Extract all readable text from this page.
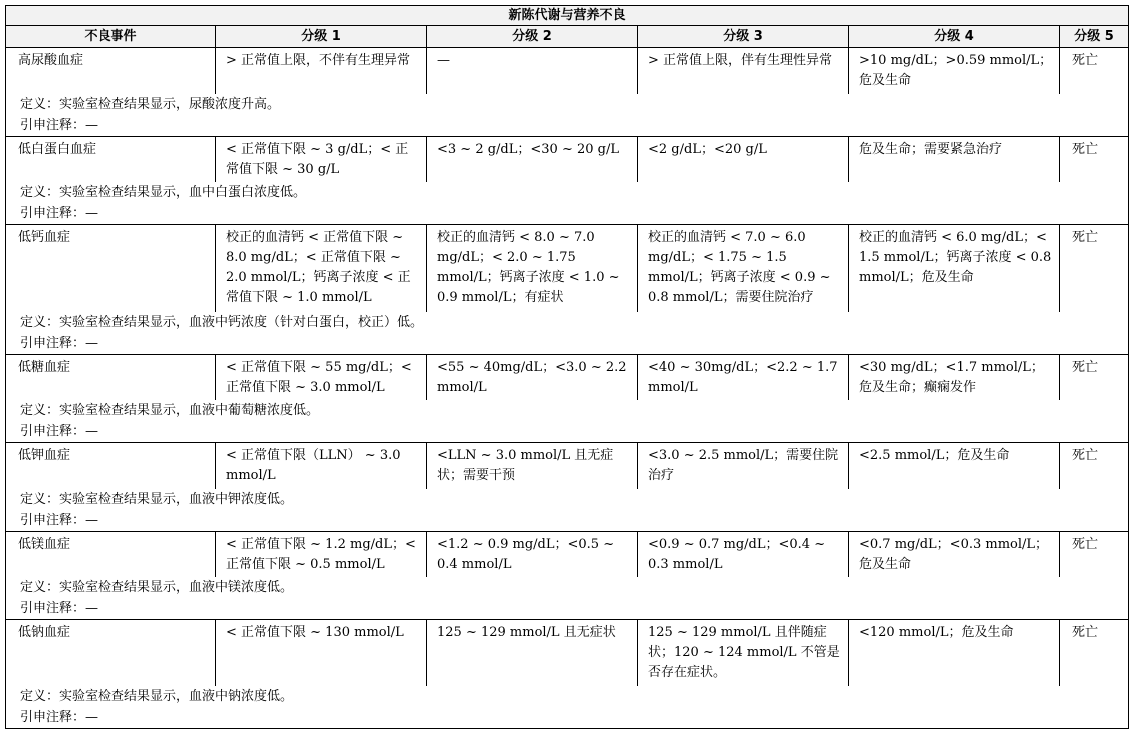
新陈代谢与营养不良					
不良事件	分级 1	分级 2	分级 3	分级 4	分级 5
高尿酸血症	> 正常值上限，不伴有生理异常	—	> 正常值上限，伴有生理性异常	>10 mg/dL；>0.59 mmol/L；危及生命	死亡
定义：实验室检查结果显示，尿酸浓度升高。					
引申注释：—					
低白蛋白血症	< 正常值下限 ~ 3 g/dL；< 正常值下限 ~ 30 g/L	<3 ~ 2 g/dL；<30 ~ 20 g/L	<2 g/dL；<20 g/L	危及生命；需要紧急治疗	死亡
定义：实验室检查结果显示，血中白蛋白浓度低。					
引申注释：—					
低钙血症	校正的血清钙 < 正常值下限 ~ 8.0 mg/dL；< 正常值下限 ~ 2.0 mmol/L；钙离子浓度 < 正常值下限 ~ 1.0 mmol/L	校正的血清钙 < 8.0 ~ 7.0 mg/dL；< 2.0 ~ 1.75 mmol/L；钙离子浓度 < 1.0 ~ 0.9 mmol/L；有症状	校正的血清钙 < 7.0 ~ 6.0 mg/dL；< 1.75 ~ 1.5 mmol/L；钙离子浓度 < 0.9 ~ 0.8 mmol/L；需要住院治疗	校正的血清钙 < 6.0 mg/dL；< 1.5 mmol/L；钙离子浓度 < 0.8 mmol/L；危及生命	死亡
定义：实验室检查结果显示，血液中钙浓度（针对白蛋白，校正）低。					
引申注释：—					
低糖血症	< 正常值下限 ~ 55 mg/dL；< 正常值下限 ~ 3.0 mmol/L	<55 ~ 40mg/dL；<3.0 ~ 2.2 mmol/L	<40 ~ 30mg/dL；<2.2 ~ 1.7 mmol/L	<30 mg/dL；<1.7 mmol/L；危及生命；癫痫发作	死亡
定义：实验室检查结果显示，血液中葡萄糖浓度低。					
引申注释：—					
低钾血症	< 正常值下限（LLN） ~ 3.0 mmol/L	<LLN ~ 3.0 mmol/L 且无症状；需要干预	<3.0 ~ 2.5 mmol/L；需要住院治疗	<2.5 mmol/L；危及生命	死亡
定义：实验室检查结果显示，血液中钾浓度低。					
引申注释：—					
低镁血症	< 正常值下限 ~ 1.2 mg/dL；< 正常值下限 ~ 0.5 mmol/L	<1.2 ~ 0.9 mg/dL；<0.5 ~ 0.4 mmol/L	<0.9 ~ 0.7 mg/dL；<0.4 ~ 0.3 mmol/L	<0.7 mg/dL；<0.3 mmol/L；危及生命	死亡
定义：实验室检查结果显示，血液中镁浓度低。					
引申注释：—					
低钠血症	< 正常值下限 ~ 130 mmol/L	125 ~ 129 mmol/L 且无症状	125 ~ 129 mmol/L 且伴随症状；120 ~ 124 mmol/L 不管是否存在症状。	<120 mmol/L；危及生命	死亡
定义：实验室检查结果显示，血液中钠浓度低。					
引申注释：—					
